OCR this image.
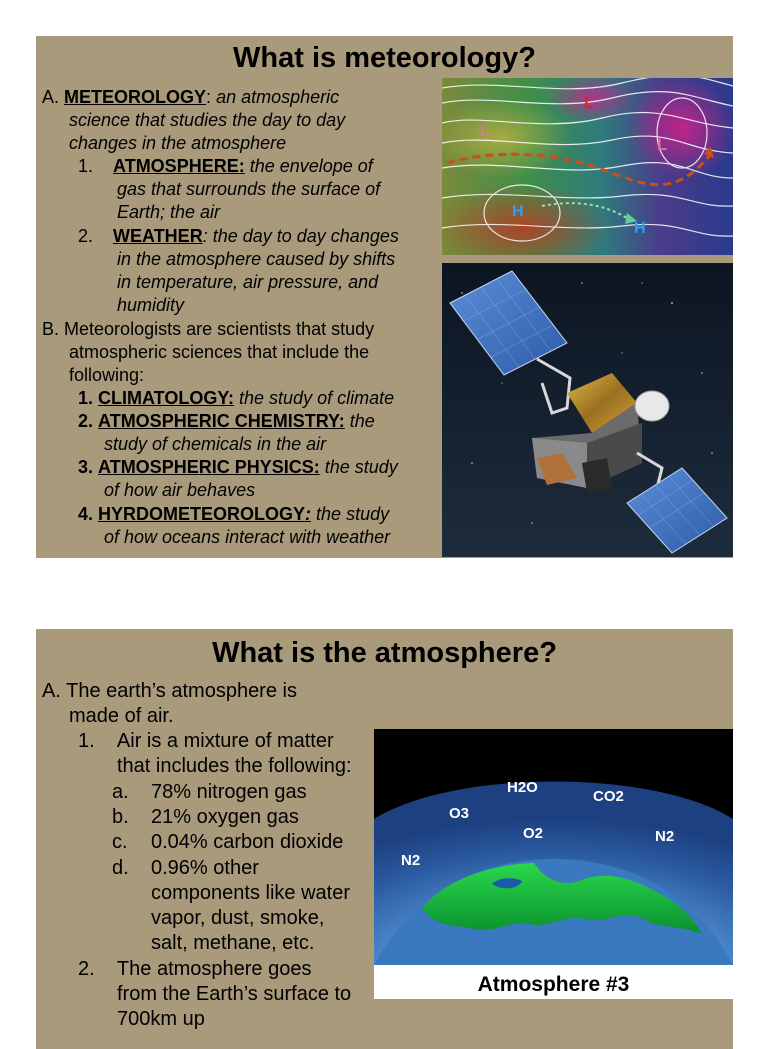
What is meteorology?
A. METEOROLOGY: an atmospheric
science that studies the day to day
changes in the atmosphere
1. ATMOSPHERE: the envelope of
gas that surrounds the surface of
Earth; the air
2. WEATHER: the day to day changes
in the atmosphere caused by shifts
in temperature, air pressure, and
humidity
B. Meteorologists are scientists that study
atmospheric sciences that include the
following:
1. CLIMATOLOGY: the study of climate
2. ATMOSPHERIC CHEMISTRY: the
study of chemicals in the air
3. ATMOSPHERIC PHYSICS: the study
of how air behaves
4. HYRDOMETEOROLOGY: the study
of how oceans interact with weather
H
H
L
L
L
What is the atmosphere?
A. The earth’s atmosphere is
made of air.
1. Air is a mixture of matter
that includes the following:
a. 78% nitrogen gas
b. 21% oxygen gas
c. 0.04% carbon dioxide
d. 0.96% other
components like water
vapor, dust, smoke,
salt, methane, etc.
2. The atmosphere goes
from the Earth’s surface to
700km up
Atmosphere #3
H2O
CO2
O3
O2	N2
N2
